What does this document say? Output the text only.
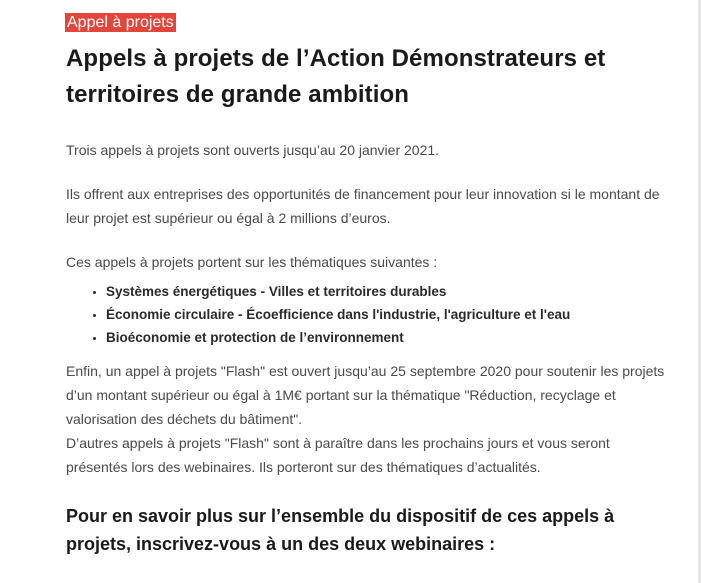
Appel à projets
Appels à projets de l’Action Démonstrateurs et territoires de grande ambition

Trois appels à projets sont ouverts jusqu’au 20 janvier 2021.

Ils offrent aux entreprises des opportunités de financement pour leur innovation si le montant de leur projet est supérieur ou égal à 2 millions d’euros.

Ces appels à projets portent sur les thématiques suivantes :

• Systèmes énergétiques - Villes et territoires durables
• Économie circulaire - Écoefficience dans l'industrie, l'agriculture et l'eau
• Bioéconomie et protection de l’environnement

Enfin, un appel à projets "Flash" est ouvert jusqu’au 25 septembre 2020 pour soutenir les projets d’un montant supérieur ou égal à 1M€ portant sur la thématique "Réduction, recyclage et valorisation des déchets du bâtiment".
D’autres appels à projets "Flash" sont à paraître dans les prochains jours et vous seront présentés lors des webinaires. Ils porteront sur des thématiques d’actualités.

Pour en savoir plus sur l’ensemble du dispositif de ces appels à projets, inscrivez-vous à un des deux webinaires :
